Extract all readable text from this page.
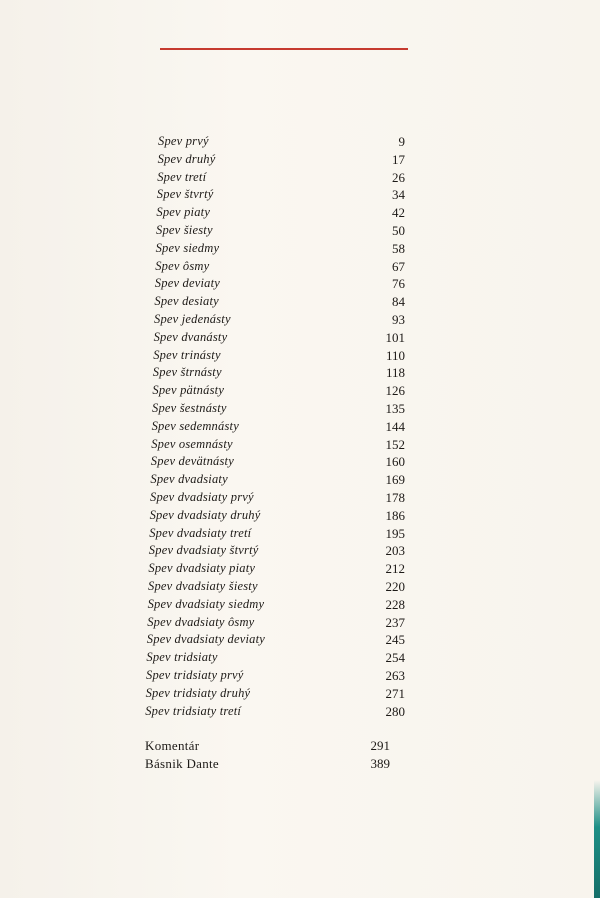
Spev prvý	9
Spev druhý	17
Spev tretí	26
Spev štvrtý	34
Spev piaty	42
Spev šiesty	50
Spev siedmy	58
Spev ôsmy	67
Spev deviaty	76
Spev desiaty	84
Spev jedenásty	93
Spev dvanásty	101
Spev trinásty	110
Spev štrnásty	118
Spev pätnásty	126
Spev šestnásty	135
Spev sedemnásty	144
Spev osemnásty	152
Spev devätnásty	160
Spev dvadsiaty	169
Spev dvadsiaty prvý	178
Spev dvadsiaty druhý	186
Spev dvadsiaty tretí	195
Spev dvadsiaty štvrtý	203
Spev dvadsiaty piaty	212
Spev dvadsiaty šiesty	220
Spev dvadsiaty siedmy	228
Spev dvadsiaty ôsmy	237
Spev dvadsiaty deviaty	245
Spev tridsiaty	254
Spev tridsiaty prvý	263
Spev tridsiaty druhý	271
Spev tridsiaty tretí	280
Komentár	291
Básnik Dante	389
